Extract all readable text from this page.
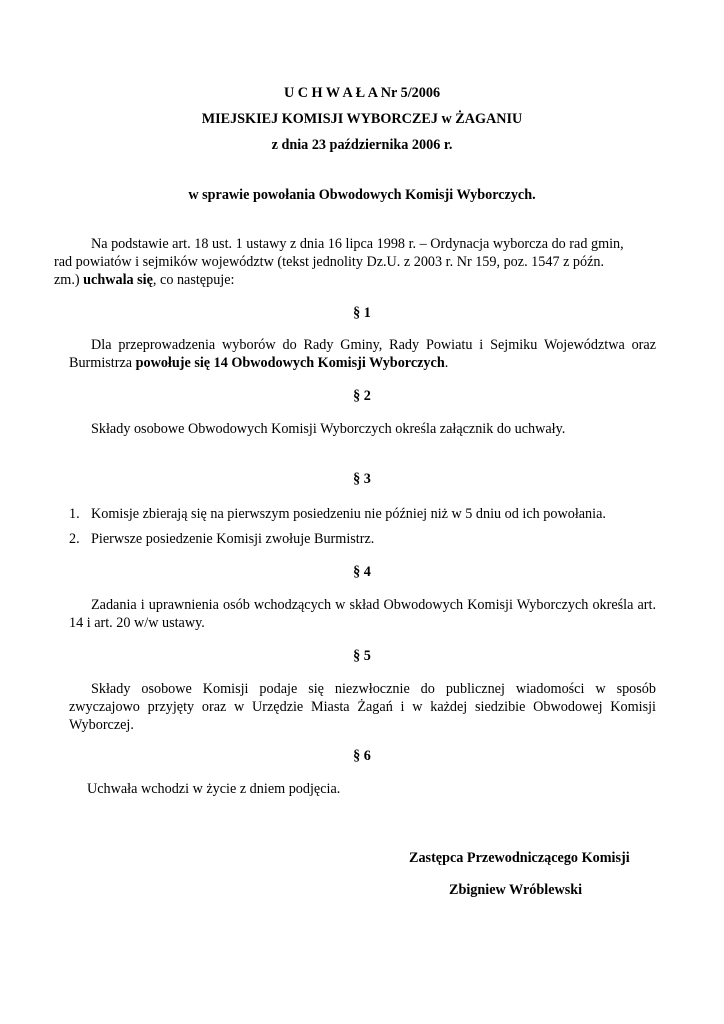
U C H W A Ł A Nr 5/2006
MIEJSKIEJ KOMISJI WYBORCZEJ w ŻAGANIU
z dnia 23 października 2006 r.
w sprawie powołania Obwodowych Komisji Wyborczych.
Na podstawie art. 18 ust. 1 ustawy z dnia 16 lipca 1998 r. – Ordynacja wyborcza do rad gmin,
rad powiatów i sejmików województw (tekst jednolity Dz.U. z 2003 r. Nr 159, poz. 1547 z późn.
zm.) uchwala się, co następuje:
§ 1
Dla przeprowadzenia wyborów do Rady Gminy, Rady Powiatu i Sejmiku Województwa oraz Burmistrza powołuje się 14 Obwodowych Komisji Wyborczych.
§ 2
Składy osobowe Obwodowych Komisji Wyborczych określa załącznik do uchwały.
§ 3
1. Komisje zbierają się na pierwszym posiedzeniu nie później niż w 5 dniu od ich powołania.
2. Pierwsze posiedzenie Komisji zwołuje Burmistrz.
§ 4
Zadania i uprawnienia osób wchodzących w skład Obwodowych Komisji Wyborczych określa art. 14 i art. 20 w/w ustawy.
§ 5
Składy osobowe Komisji podaje się niezwłocznie do publicznej wiadomości w sposób zwyczajowo przyjęty oraz w Urzędzie Miasta Żagań i w każdej siedzibie Obwodowej Komisji Wyborczej.
§ 6
Uchwała wchodzi w życie z dniem podjęcia.
Zastępca Przewodniczącego Komisji
Zbigniew Wróblewski
